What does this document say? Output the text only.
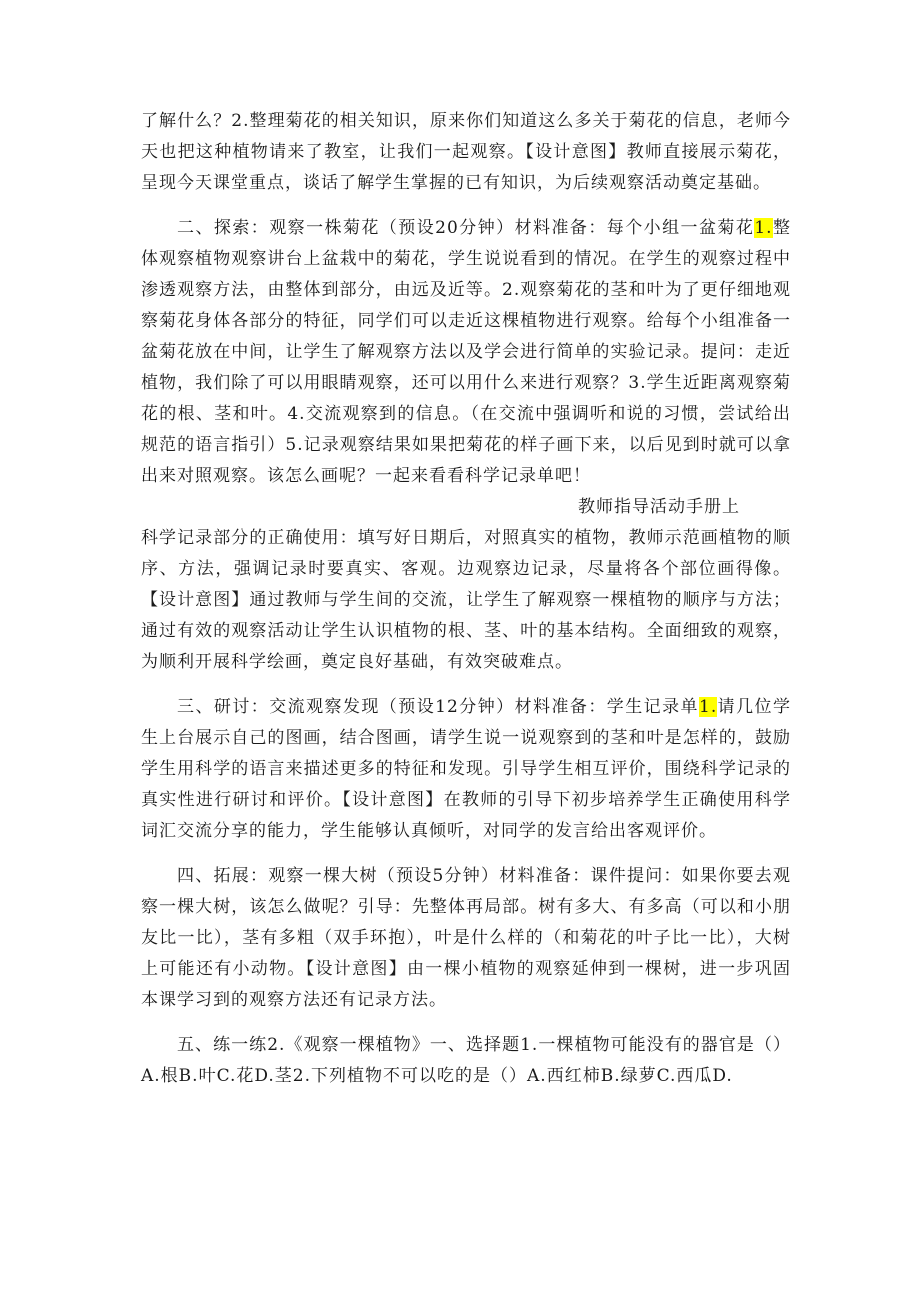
了解什么？2.整理菊花的相关知识，原来你们知道这么多关于菊花的信息，老师今天也把这种植物请来了教室，让我们一起观察。【设计意图】教师直接展示菊花，呈现今天课堂重点，谈话了解学生掌握的已有知识，为后续观察活动奠定基础。

二、探索：观察一株菊花（预设20分钟）材料准备：每个小组一盆菊花1.整体观察植物观察讲台上盆栽中的菊花，学生说说看到的情况。在学生的观察过程中渗透观察方法，由整体到部分，由远及近等。2.观察菊花的茎和叶为了更仔细地观察菊花身体各部分的特征，同学们可以走近这棵植物进行观察。给每个小组准备一盆菊花放在中间，让学生了解观察方法以及学会进行简单的实验记录。提问：走近植物，我们除了可以用眼睛观察，还可以用什么来进行观察？3.学生近距离观察菊花的根、茎和叶。4.交流观察到的信息。（在交流中强调听和说的习惯，尝试给出规范的语言指引）5.记录观察结果如果把菊花的样子画下来，以后见到时就可以拿出来对照观察。该怎么画呢？一起来看看科学记录单吧！

教师指导活动手册上

科学记录部分的正确使用：填写好日期后，对照真实的植物，教师示范画植物的顺序、方法，强调记录时要真实、客观。边观察边记录，尽量将各个部位画得像。【设计意图】通过教师与学生间的交流，让学生了解观察一棵植物的顺序与方法；通过有效的观察活动让学生认识植物的根、茎、叶的基本结构。全面细致的观察，为顺利开展科学绘画，奠定良好基础，有效突破难点。

三、研讨：交流观察发现（预设12分钟）材料准备：学生记录单1.请几位学生上台展示自己的图画，结合图画，请学生说一说观察到的茎和叶是怎样的，鼓励学生用科学的语言来描述更多的特征和发现。引导学生相互评价，围绕科学记录的真实性进行研讨和评价。【设计意图】在教师的引导下初步培养学生正确使用科学词汇交流分享的能力，学生能够认真倾听，对同学的发言给出客观评价。

四、拓展：观察一棵大树（预设5分钟）材料准备：课件提问：如果你要去观察一棵大树，该怎么做呢？引导：先整体再局部。树有多大、有多高（可以和小朋友比一比），茎有多粗（双手环抱），叶是什么样的（和菊花的叶子比一比），大树上可能还有小动物。【设计意图】由一棵小植物的观察延伸到一棵树，进一步巩固本课学习到的观察方法还有记录方法。

五、练一练2.《观察一棵植物》一、选择题1.一棵植物可能没有的器官是（）A.根B.叶C.花D.茎2.下列植物不可以吃的是（）A.西红柿B.绿萝C.西瓜D.
